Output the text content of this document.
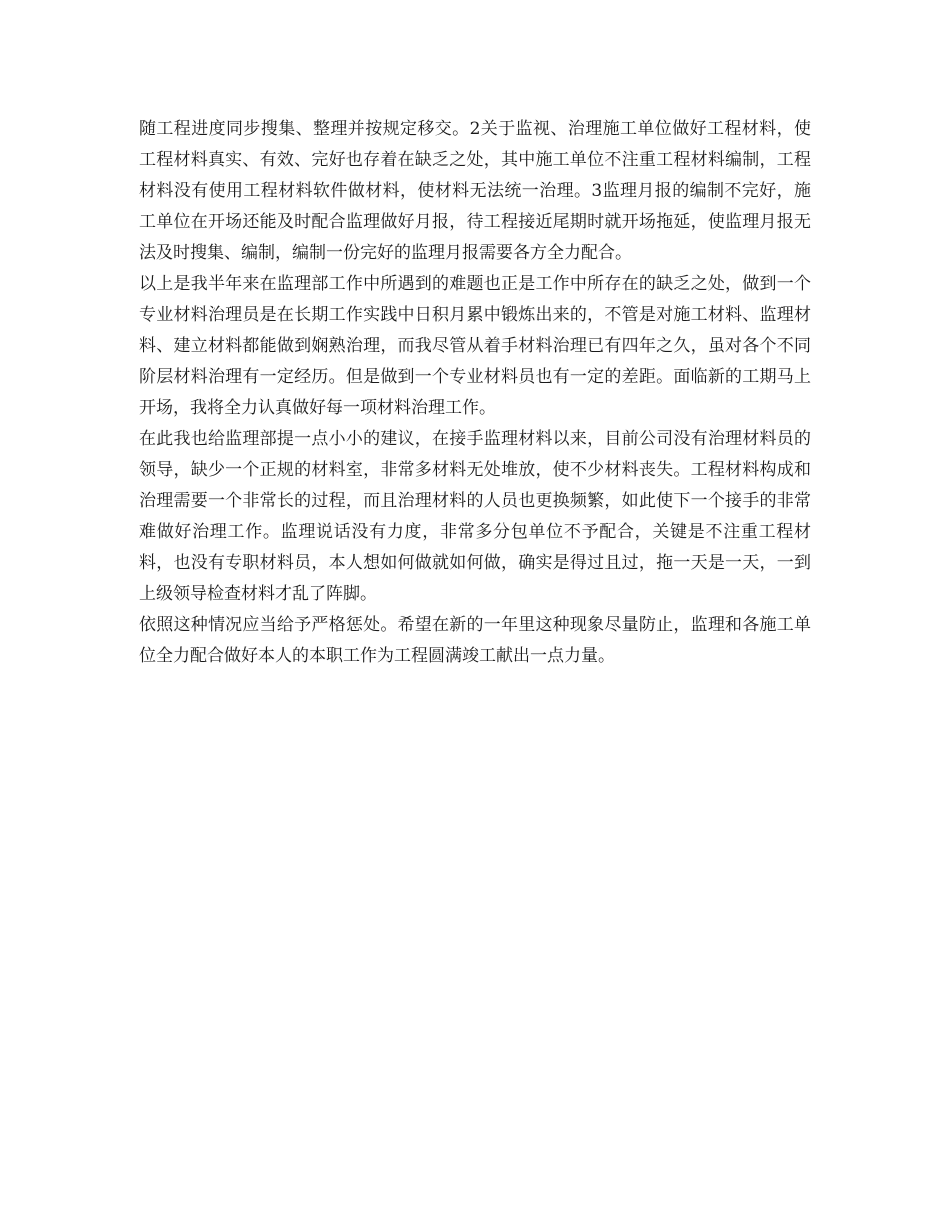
随工程进度同步搜集、整理并按规定移交。2关于监视、治理施工单位做好工程材料，使工程材料真实、有效、完好也存着在缺乏之处，其中施工单位不注重工程材料编制，工程材料没有使用工程材料软件做材料，使材料无法统一治理。3监理月报的编制不完好，施工单位在开场还能及时配合监理做好月报，待工程接近尾期时就开场拖延，使监理月报无法及时搜集、编制，编制一份完好的监理月报需要各方全力配合。

以上是我半年来在监理部工作中所遇到的难题也正是工作中所存在的缺乏之处，做到一个专业材料治理员是在长期工作实践中日积月累中锻炼出来的，不管是对施工材料、监理材料、建立材料都能做到娴熟治理，而我尽管从着手材料治理已有四年之久，虽对各个不同阶层材料治理有一定经历。但是做到一个专业材料员也有一定的差距。面临新的工期马上开场，我将全力认真做好每一项材料治理工作。

在此我也给监理部提一点小小的建议，在接手监理材料以来，目前公司没有治理材料员的领导，缺少一个正规的材料室，非常多材料无处堆放，使不少材料丧失。工程材料构成和治理需要一个非常长的过程，而且治理材料的人员也更换频繁，如此使下一个接手的非常难做好治理工作。监理说话没有力度，非常多分包单位不予配合，关键是不注重工程材料，也没有专职材料员，本人想如何做就如何做，确实是得过且过，拖一天是一天，一到上级领导检查材料才乱了阵脚。

依照这种情况应当给予严格惩处。希望在新的一年里这种现象尽量防止，监理和各施工单位全力配合做好本人的本职工作为工程圆满竣工献出一点力量。
